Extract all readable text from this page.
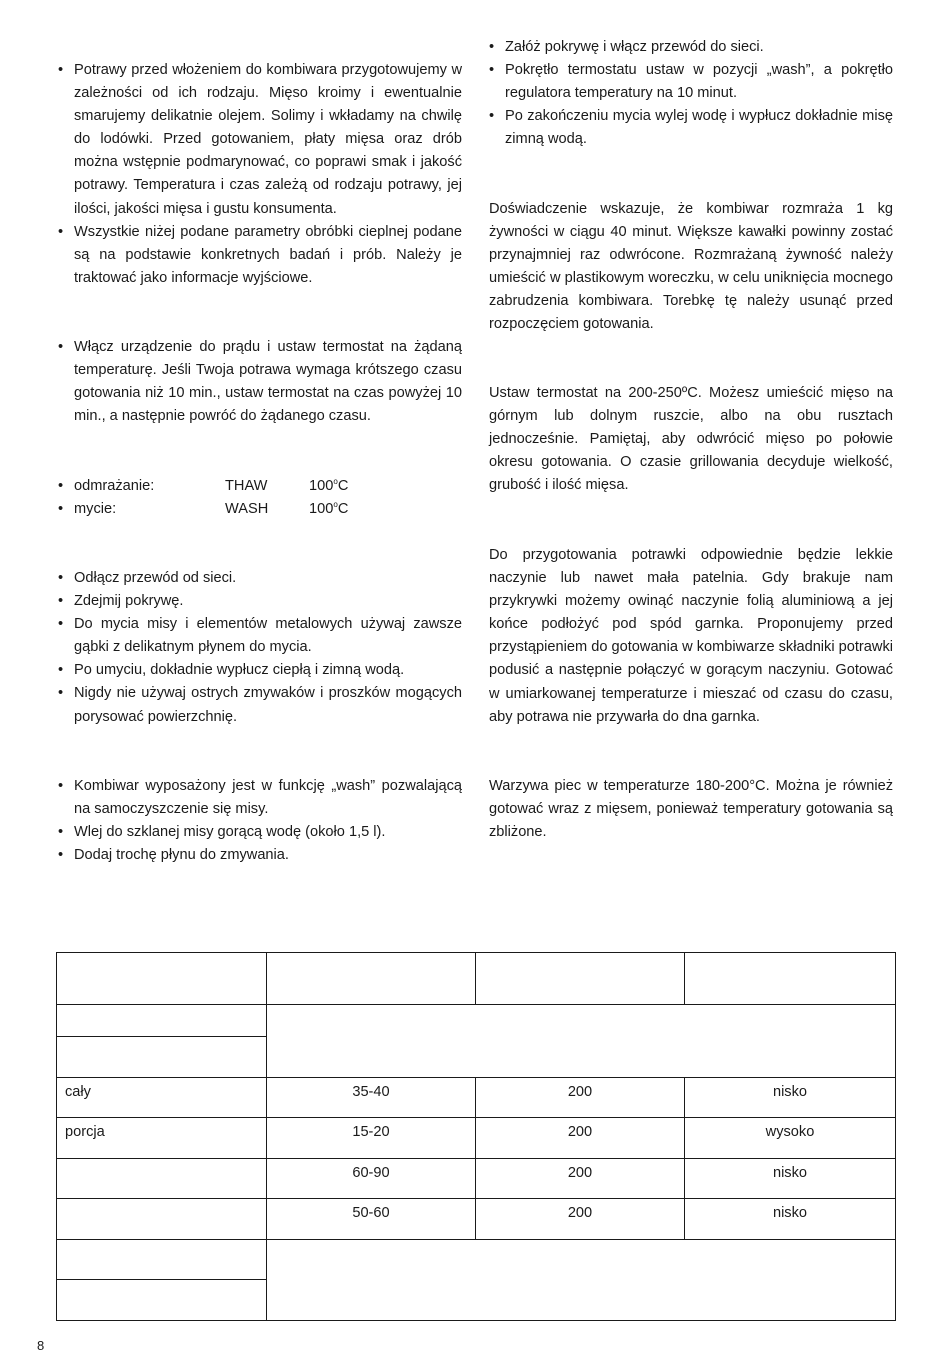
• Potrawy przed włożeniem do kombiwara przygotowujemy w zależności od ich rodzaju. Mięso kroimy i ewentualnie smarujemy delikatnie olejem. Solimy i wkładamy na chwilę do lodówki. Przed gotowaniem, płaty mięsa oraz drób można wstępnie podmarynować, co poprawi smak i jakość potrawy. Temperatura i czas zależą od rodzaju potrawy, jej ilości, jakości mięsa i gustu konsumenta.
• Wszystkie niżej podane parametry obróbki cieplnej podane są na podstawie konkretnych badań i prób. Należy je traktować jako informacje wyjściowe.
• Włącz urządzenie do prądu i ustaw termostat na żądaną temperaturę. Jeśli Twoja potrawa wymaga krótszego czasu gotowania niż 10 min., ustaw termostat na czas powyżej 10 min., a następnie powróć do żądanego czasu.
• odmrażanie:	THAW	100$^o$C
• mycie:	WASH	100$^o$C
• Odłącz przewód od sieci.
• Zdejmij pokrywę.
• Do mycia misy i elementów metalowych używaj zawsze gąbki z delikatnym płynem do mycia.
• Po umyciu, dokładnie wypłucz ciepłą i zimną wodą.
• Nigdy nie używaj ostrych zmywaków i proszków mogących porysować powierzchnię.
• Kombiwar wyposażony jest w funkcję „wash” pozwalającą na samoczyszczenie się misy.
• Wlej do szklanej misy gorącą wodę (około 1,5 l).
• Dodaj trochę płynu do zmywania.
• Załóż pokrywę i włącz przewód do sieci.
• Pokrętło termostatu ustaw w pozycji „wash”, a pokrętło regulatora temperatury na 10 minut.
• Po zakończeniu mycia wylej wodę i wypłucz dokładnie misę zimną wodą.

Doświadczenie wskazuje, że kombiwar rozmraża 1 kg żywności w ciągu 40 minut. Większe kawałki powinny zostać przynajmniej raz odwrócone. Rozmrażaną żywność należy umieścić w plastikowym woreczku, w celu uniknięcia mocnego zabrudzenia kombiwara. Torebkę tę należy usunąć przed rozpoczęciem gotowania.

Ustaw termostat na 200-250ºC. Możesz umieścić mięso na górnym lub dolnym ruszcie, albo na obu rusztach jednocześnie. Pamiętaj, aby odwrócić mięso po połowie okresu gotowania. O czasie grillowania decyduje wielkość, grubość i ilość mięsa.

Do przygotowania potrawki odpowiednie będzie lekkie naczynie lub nawet mała patelnia. Gdy brakuje nam przykrywki możemy owinąć naczynie folią aluminiową a jej końce podłożyć pod spód garnka. Proponujemy przed przystąpieniem do gotowania w kombiwarze składniki potrawki podusić a następnie połączyć w gorącym naczyniu. Gotować w umiarkowanej temperaturze i mieszać od czasu do czasu, aby potrawa nie przywarła do dna garnka.

Warzywa piec w temperaturze 180-200°C. Można je również gotować wraz z mięsem, ponieważ temperatury gotowania są zbliżone.

cały	35-40	200	nisko
porcja	15-20	200	wysoko
	60-90	200	nisko
	50-60	200	nisko

8
